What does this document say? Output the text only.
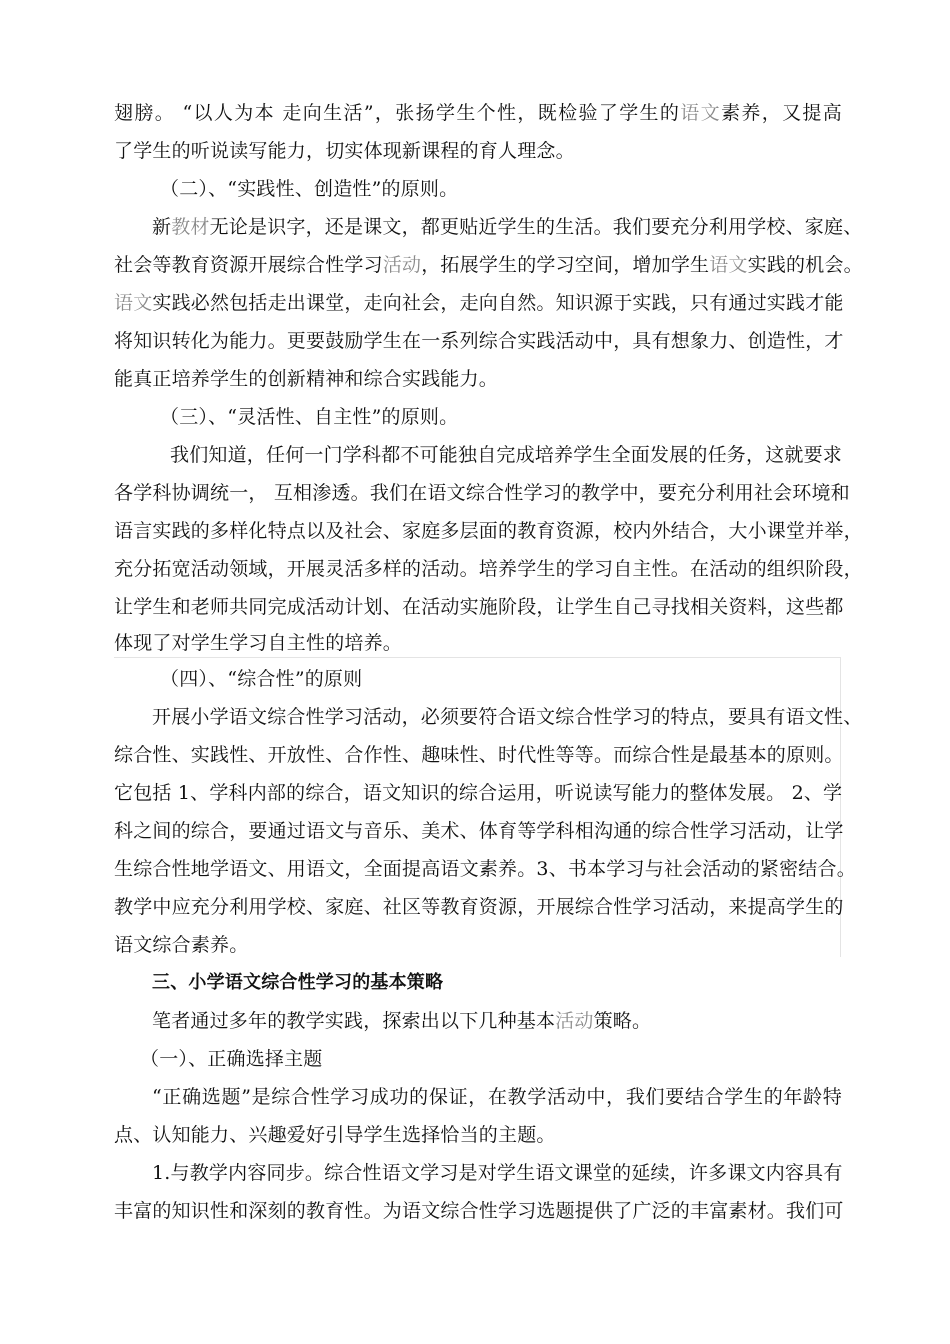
翅膀。 “以人为本 走向生活”，张扬学生个性，既检验了学生的语文素养，又提高
了学生的听说读写能力，切实体现新课程的育人理念。
（二）、“实践性、创造性”的原则。
新教材无论是识字，还是课文，都更贴近学生的生活。我们要充分利用学校、家庭、
社会等教育资源开展综合性学习活动，拓展学生的学习空间，增加学生语文实践的机会。
语文实践必然包括走出课堂，走向社会，走向自然。知识源于实践，只有通过实践才能
将知识转化为能力。更要鼓励学生在一系列综合实践活动中，具有想象力、创造性，才
能真正培养学生的创新精神和综合实践能力。
（三）、“灵活性、自主性”的原则。
我们知道，任何一门学科都不可能独自完成培养学生全面发展的任务，这就要求
各学科协调统一， 互相渗透。我们在语文综合性学习的教学中，要充分利用社会环境和
语言实践的多样化特点以及社会、家庭多层面的教育资源，校内外结合，大小课堂并举，
充分拓宽活动领域，开展灵活多样的活动。培养学生的学习自主性。在活动的组织阶段，
让学生和老师共同完成活动计划、在活动实施阶段，让学生自己寻找相关资料，这些都
体现了对学生学习自主性的培养。
（四）、“综合性”的原则
开展小学语文综合性学习活动，必须要符合语文综合性学习的特点，要具有语文性、
综合性、实践性、开放性、合作性、趣味性、时代性等等。而综合性是最基本的原则。
它包括 1、学科内部的综合，语文知识的综合运用，听说读写能力的整体发展。 2、学
科之间的综合，要通过语文与音乐、美术、体育等学科相沟通的综合性学习活动，让学
生综合性地学语文、用语文，全面提高语文素养。3、书本学习与社会活动的紧密结合。
教学中应充分利用学校、家庭、社区等教育资源，开展综合性学习活动，来提高学生的
语文综合素养。
三、小学语文综合性学习的基本策略
笔者通过多年的教学实践，探索出以下几种基本活动策略。
（一）、正确选择主题
“正确选题”是综合性学习成功的保证，在教学活动中，我们要结合学生的年龄特
点、认知能力、兴趣爱好引导学生选择恰当的主题。
1.与教学内容同步。综合性语文学习是对学生语文课堂的延续，许多课文内容具有
丰富的知识性和深刻的教育性。为语文综合性学习选题提供了广泛的丰富素材。我们可
